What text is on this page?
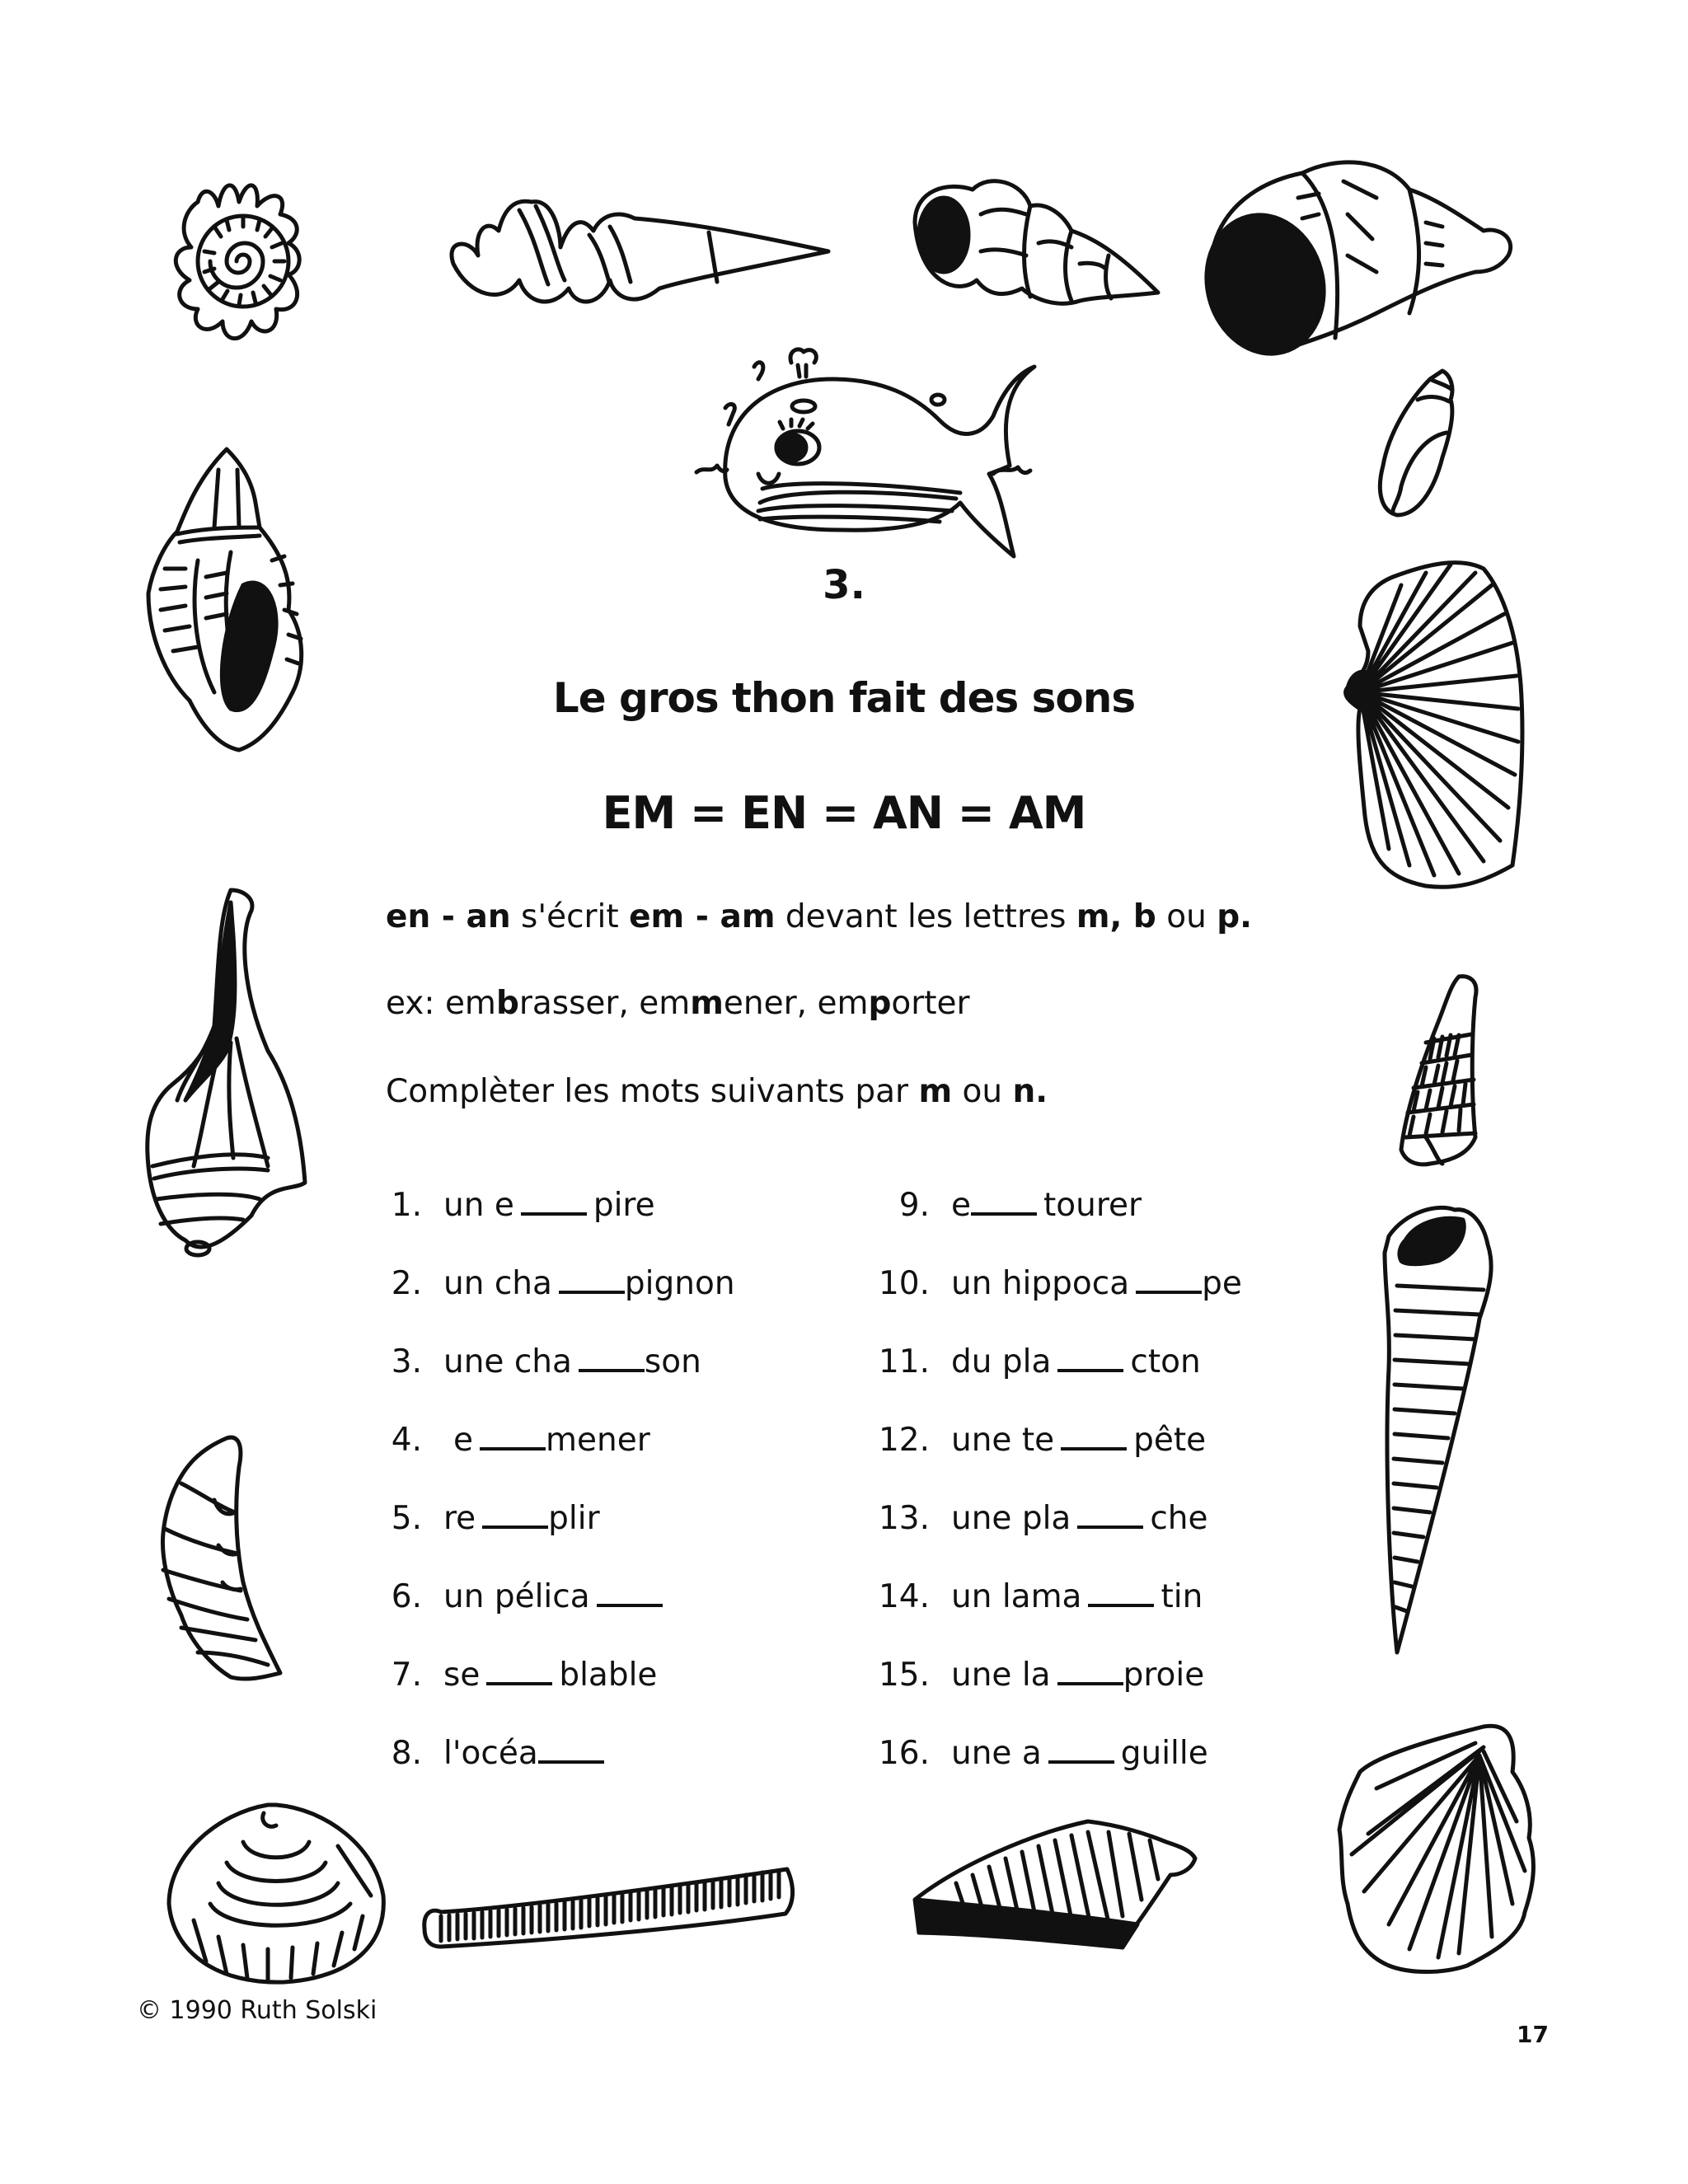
3.
Le gros thon fait des sons
EM = EN = AN = AM
en - an s'écrit em - am devant les lettres m, b ou p.
ex: embrasser, emmener, emporter
Complèter les mots suivants par m ou n.
1. un e pire
2. un cha pignon
3. une cha son
4. e mener
5. re plir
6. un pélica
7. se blable
8. l'océa
9. e tourer
10. un hippoca pe
11. du pla cton
12. une te pête
13. une pla che
14. un lama tin
15. une la proie
16. une a guille
© 1990 Ruth Solski
17
